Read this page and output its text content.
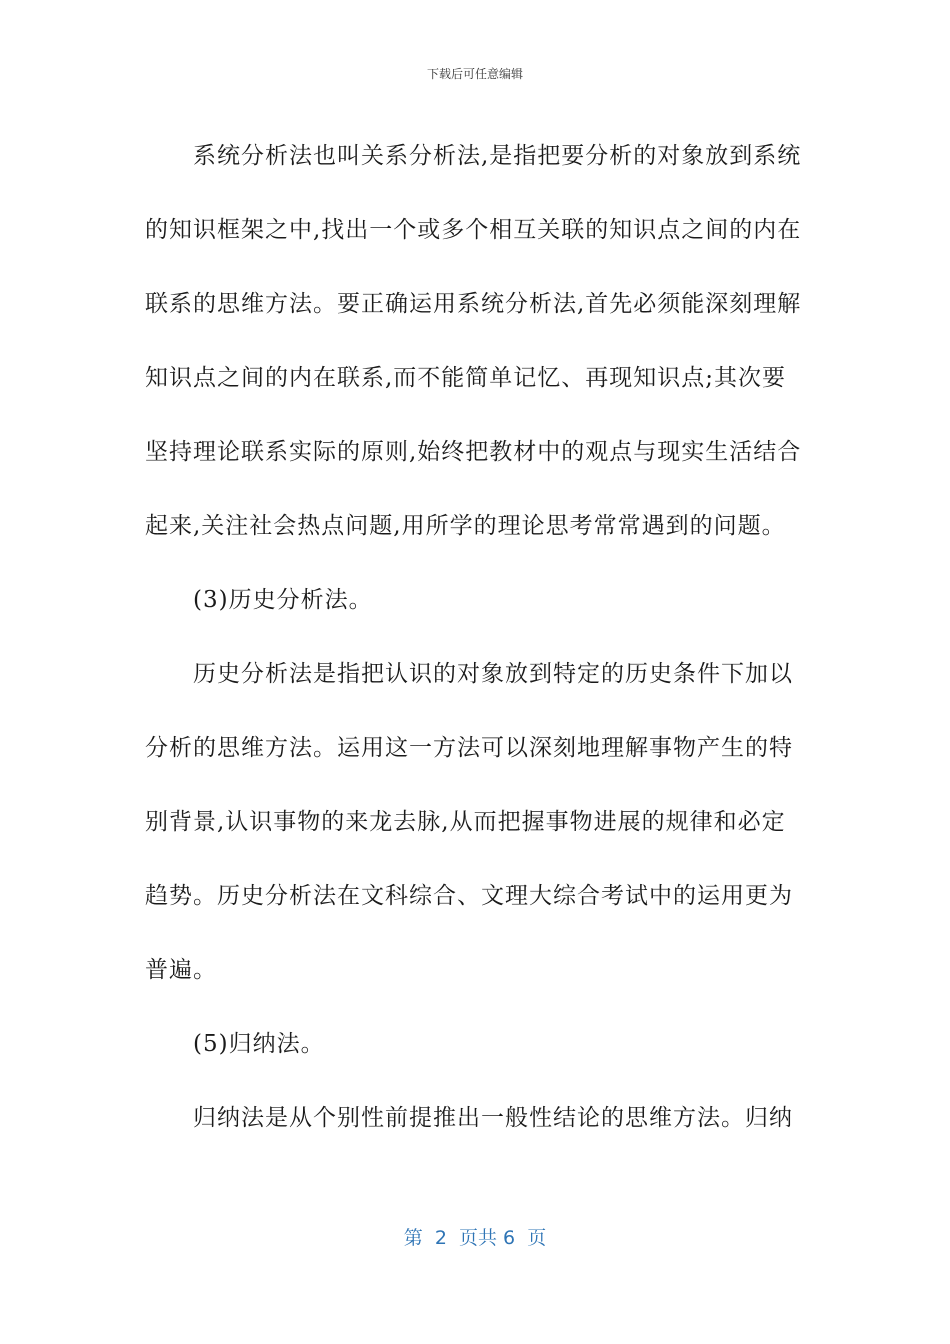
下载后可任意编辑

系统分析法也叫关系分析法,是指把要分析的对象放到系统的知识框架之中,找出一个或多个相互关联的知识点之间的内在联系的思维方法。要正确运用系统分析法,首先必须能深刻理解知识点之间的内在联系,而不能简单记忆、再现知识点;其次要坚持理论联系实际的原则,始终把教材中的观点与现实生活结合起来,关注社会热点问题,用所学的理论思考常常遇到的问题。

(3)历史分析法。

历史分析法是指把认识的对象放到特定的历史条件下加以分析的思维方法。运用这一方法可以深刻地理解事物产生的特别背景,认识事物的来龙去脉,从而把握事物进展的规律和必定趋势。历史分析法在文科综合、文理大综合考试中的运用更为普遍。

(5)归纳法。

归纳法是从个别性前提推出一般性结论的思维方法。归纳

第  2  页共 6  页
